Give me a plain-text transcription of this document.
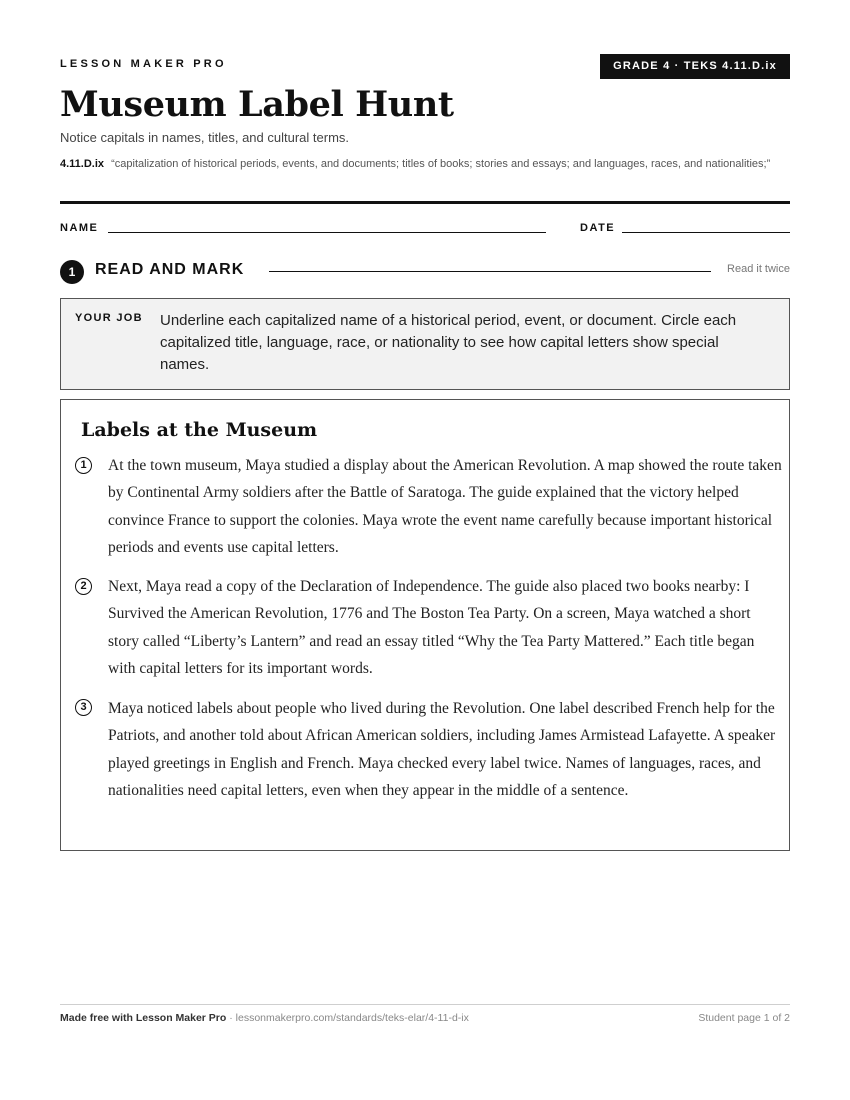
LESSON MAKER PRO	GRADE 4 · TEKS 4.11.D.ix
Museum Label Hunt
Notice capitals in names, titles, and cultural terms.
4.11.D.ix “capitalization of historical periods, events, and documents; titles of books; stories and essays; and languages, races, and nationalities;”
NAME	DATE
1	READ AND MARK	Read it twice
YOUR JOB Underline each capitalized name of a historical period, event, or document. Circle each capitalized title, language, race, or nationality to see how capital letters show special names.
Labels at the Museum
1	At the town museum, Maya studied a display about the American Revolution. A map showed the route taken by Continental Army soldiers after the Battle of Saratoga. The guide explained that the victory helped convince France to support the colonies. Maya wrote the event name carefully because important historical periods and events use capital letters.

2	Next, Maya read a copy of the Declaration of Independence. The guide also placed two books nearby: I Survived the American Revolution, 1776 and The Boston Tea Party. On a screen, Maya watched a short story called “Liberty’s Lantern” and read an essay titled “Why the Tea Party Mattered.” Each title began with capital letters for its important words.

3	Maya noticed labels about people who lived during the Revolution. One label described French help for the Patriots, and another told about African American soldiers, including James Armistead Lafayette. A speaker played greetings in English and French. Maya checked every label twice. Names of languages, races, and nationalities need capital letters, even when they appear in the middle of a sentence.

Made free with Lesson Maker Pro · lessonmakerpro.com/standards/teks-elar/4-11-d-ix	Student page 1 of 2
